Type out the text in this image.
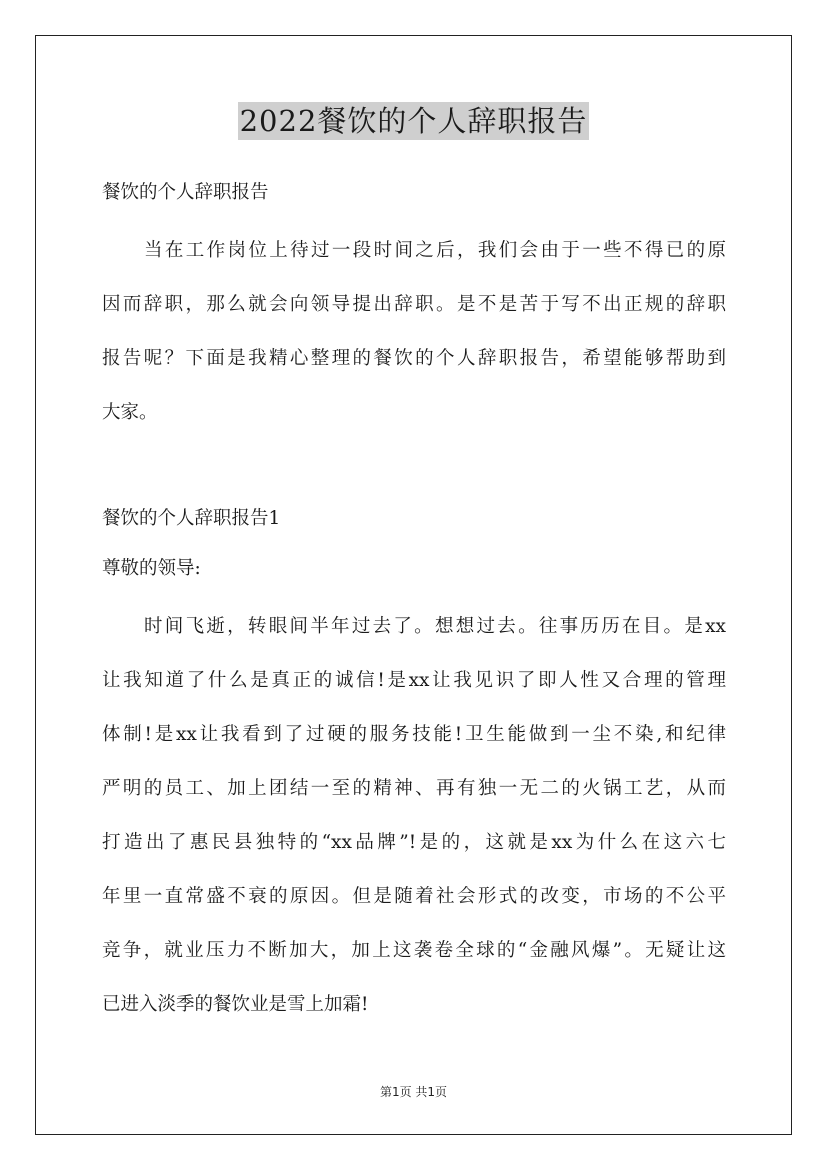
2022餐饮的个人辞职报告
餐饮的个人辞职报告
当在工作岗位上待过一段时间之后，我们会由于一些不得已的原
因而辞职，那么就会向领导提出辞职。是不是苦于写不出正规的辞职
报告呢？下面是我精心整理的餐饮的个人辞职报告，希望能够帮助到
大家。
餐饮的个人辞职报告1
尊敬的领导:
时间飞逝，转眼间半年过去了。想想过去。往事历历在目。是xx
让我知道了什么是真正的诚信!是xx让我见识了即人性又合理的管理
体制!是xx让我看到了过硬的服务技能!卫生能做到一尘不染,和纪律
严明的员工、加上团结一至的精神、再有独一无二的火锅工艺，从而
打造出了惠民县独特的“xx品牌”!是的，这就是xx为什么在这六七
年里一直常盛不衰的原因。但是随着社会形式的改变，市场的不公平
竞争，就业压力不断加大，加上这袭卷全球的“金融风爆”。无疑让这
已进入淡季的餐饮业是雪上加霜!
第1页 共1页
